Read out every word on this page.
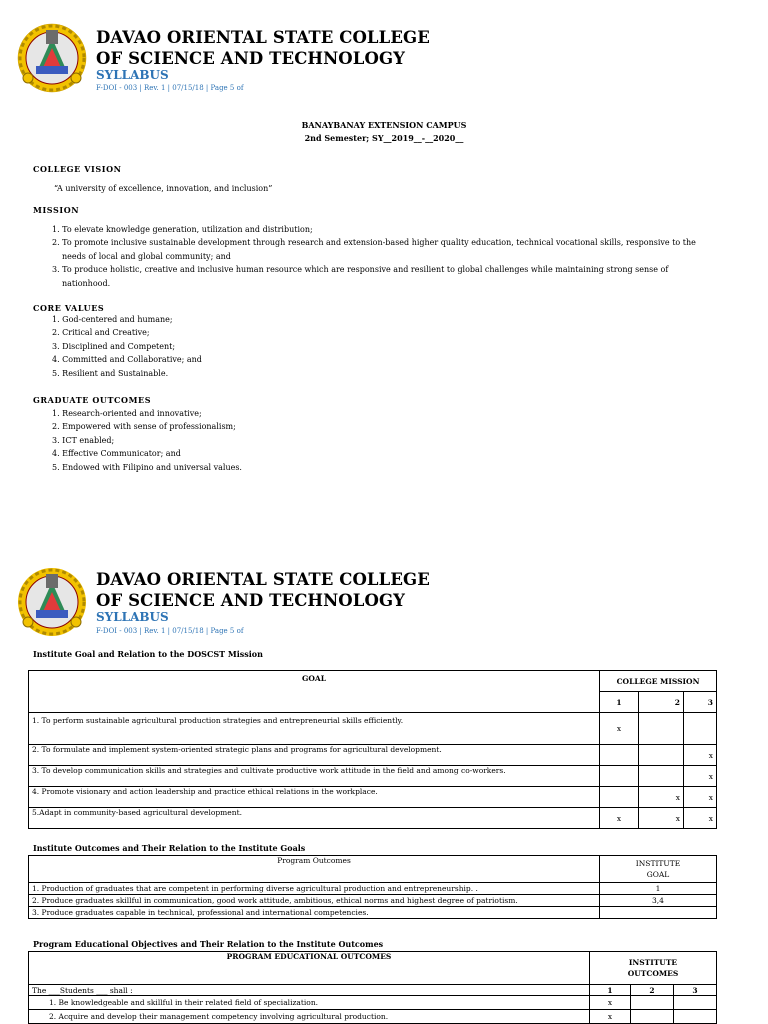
DAVAO ORIENTAL STATE COLLEGE
OF SCIENCE AND TECHNOLOGY
SYLLABUS
F-DOI - 003 | Rev. 1 | 07/15/18 | Page 5 of
BANAYBANAY EXTENSION CAMPUS
2nd Semester; SY__2019__-__2020__
COLLEGE VISION
“A university of excellence, innovation, and inclusion”
MISSION
1. To elevate knowledge generation, utilization and distribution;
2. To promote inclusive sustainable development through research and extension-based higher quality education, technical vocational skills, responsive to the
needs of local and global community; and
3. To produce holistic, creative and inclusive human resource which are responsive and resilient to global challenges while maintaining strong sense of
nationhood.
CORE VALUES
1. God-centered and humane;
2. Critical and Creative;
3. Disciplined and Competent;
4. Committed and Collaborative; and
5. Resilient and Sustainable.
GRADUATE OUTCOMES
1. Research-oriented and innovative;
2. Empowered with sense of professionalism;
3. ICT enabled;
4. Effective Communicator; and
5. Endowed with Filipino and universal values.
DAVAO ORIENTAL STATE COLLEGE
OF SCIENCE AND TECHNOLOGY
SYLLABUS
F-DOI - 003 | Rev. 1 | 07/15/18 | Page 5 of
Institute Goal and Relation to the DOSCST Mission
GOAL	COLLEGE MISSION		
	1	2	3
1. To perform sustainable agricultural production strategies and entrepreneurial skills efficiently.	x		
2. To formulate and implement system-oriented strategic plans and programs for agricultural development.			x
3. To develop communication skills and strategies and cultivate productive work attitude in the field and among co-workers.			x
4. Promote visionary and action leadership and practice ethical relations in the workplace.		x	x
5.Adapt in community-based agricultural development.	x	x	x
Institute Outcomes and Their Relation to the Institute Goals
Program Outcomes	INSTITUTE
GOAL

1. Production of graduates that are competent in performing diverse agricultural production and entrepreneurship. .	1
2. Produce graduates skillful in communication, good work attitude, ambitious, ethical norms and highest degree of patriotism.	3,4
3. Produce graduates capable in technical, professional and international competencies.	
Program Educational Objectives and Their Relation to the Institute Outcomes
PROGRAM EDUCATIONAL OUTCOMES	INSTITUTE
OUTCOMES		

The ___Students ___ shall :	1	2	3
1. Be knowledgeable and skillful in their related field of specialization.	x		
2. Acquire and develop their management competency involving agricultural production.	x		
